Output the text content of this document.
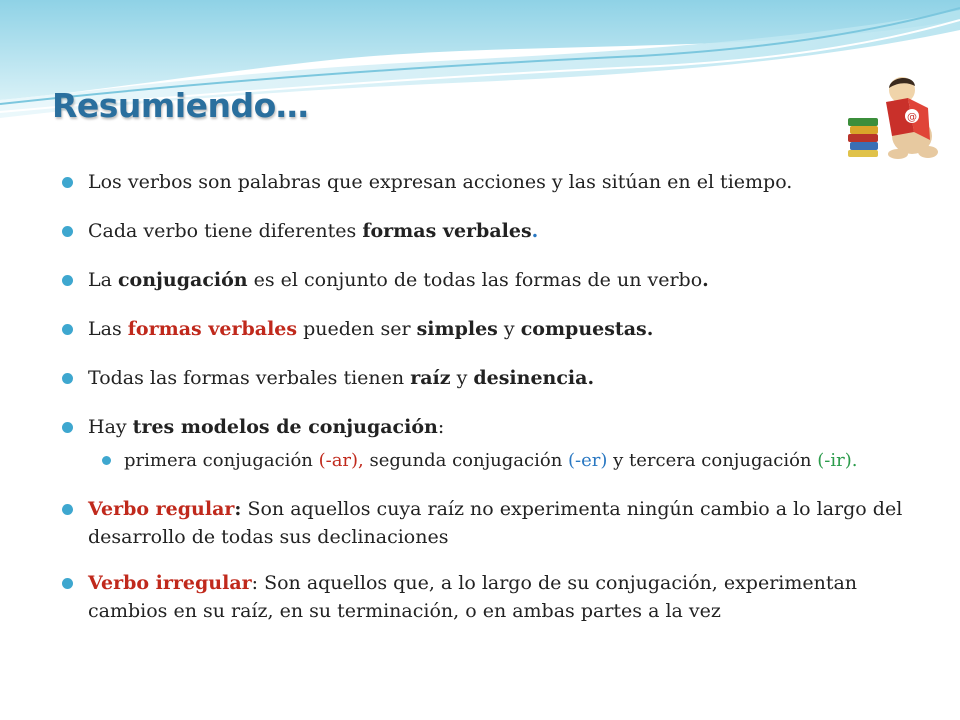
Resumiendo…	@
Los verbos son palabras que expresan acciones y las sitúan en el tiempo.
Cada verbo tiene diferentes formas verbales.
La conjugación es el conjunto de todas las formas de un verbo.
Las formas verbales pueden ser simples y compuestas.
Todas las formas verbales tienen raíz y desinencia.
Hay tres modelos de conjugación:
primera conjugación (-ar), segunda conjugación (-er) y tercera conjugación (-ir).
Verbo regular: Son aquellos cuya raíz no experimenta ningún cambio a lo largo del desarrollo de todas sus declinaciones
Verbo irregular: Son aquellos que, a lo largo de su conjugación, experimentan cambios en su raíz, en su terminación, o en ambas partes a la vez
